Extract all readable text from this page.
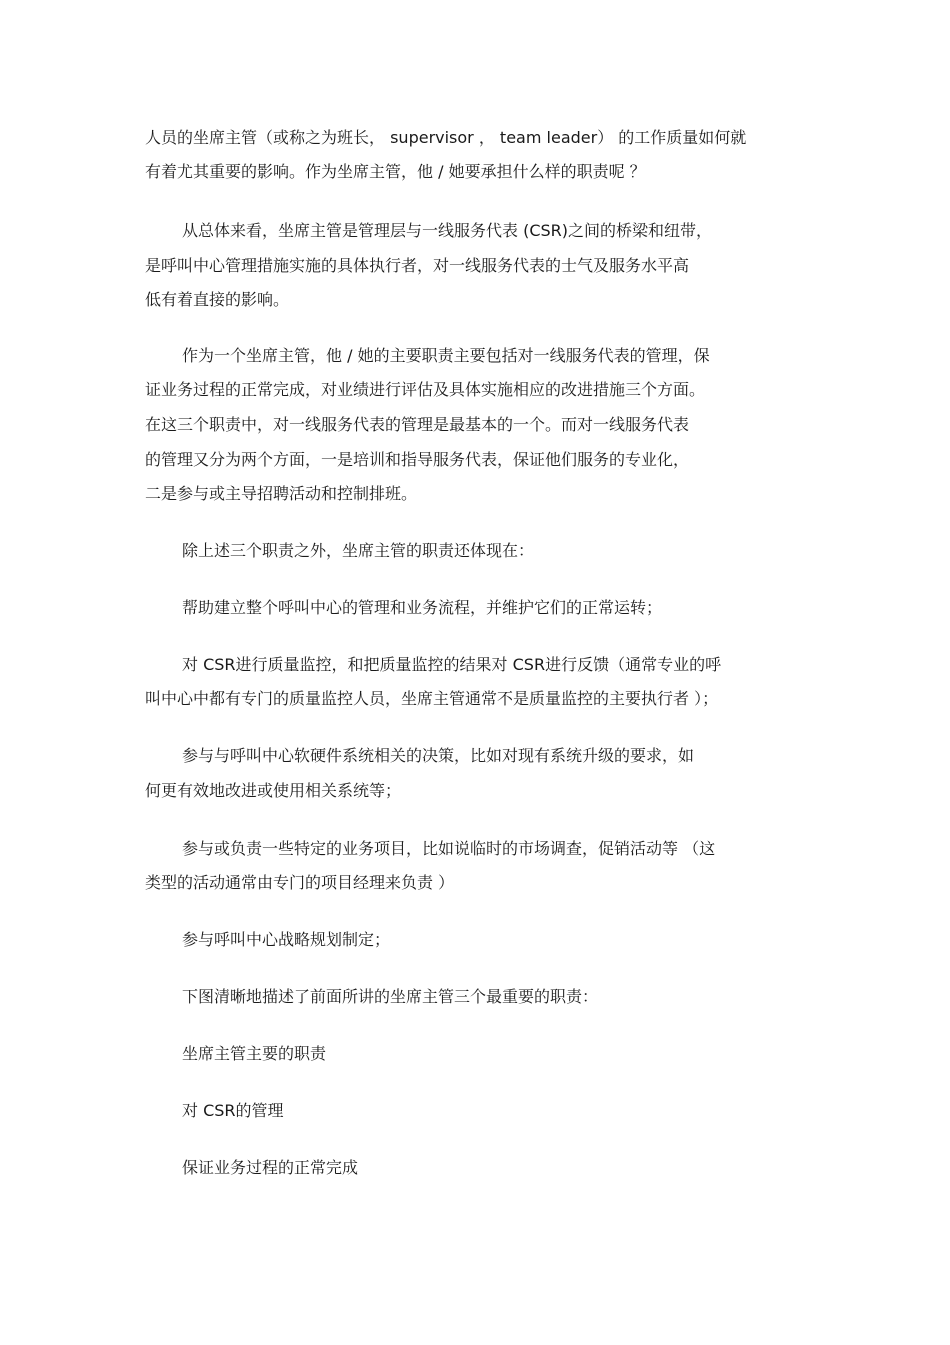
人员的坐席主管（或称之为班长， supervisor ， team leader） 的工作质量如何就
有着尤其重要的影响。作为坐席主管，他 / 她要承担什么样的职责呢 ？
从总体来看，坐席主管是管理层与一线服务代表 (CSR)之间的桥梁和纽带，
是呼叫中心管理措施实施的具体执行者，对一线服务代表的士气及服务水平高
低有着直接的影响。
作为一个坐席主管，他 / 她的主要职责主要包括对一线服务代表的管理，保
证业务过程的正常完成，对业绩进行评估及具体实施相应的改进措施三个方面。
在这三个职责中，对一线服务代表的管理是最基本的一个。而对一线服务代表
的管理又分为两个方面，一是培训和指导服务代表，保证他们服务的专业化，
二是参与或主导招聘活动和控制排班。
除上述三个职责之外，坐席主管的职责还体现在：
帮助建立整个呼叫中心的管理和业务流程，并维护它们的正常运转；
对 CSR进行质量监控，和把质量监控的结果对 CSR进行反馈（通常专业的呼
叫中心中都有专门的质量监控人员，坐席主管通常不是质量监控的主要执行者 ）；
参与与呼叫中心软硬件系统相关的决策，比如对现有系统升级的要求，如
何更有效地改进或使用相关系统等；
参与或负责一些特定的业务项目，比如说临时的市场调查，促销活动等 （这
类型的活动通常由专门的项目经理来负责 ）
参与呼叫中心战略规划制定；
下图清晰地描述了前面所讲的坐席主管三个最重要的职责：
坐席主管主要的职责
对 CSR的管理
保证业务过程的正常完成
